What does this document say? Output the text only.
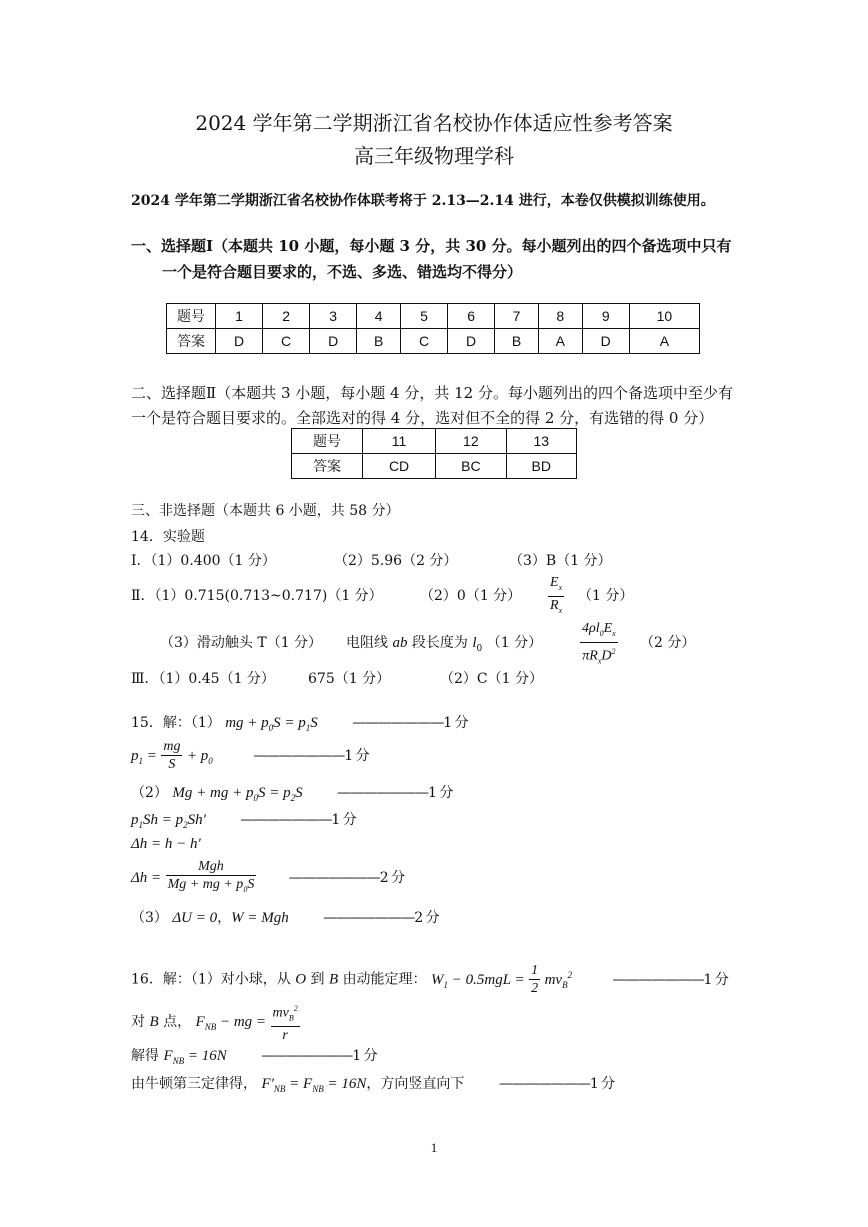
2024 学年第二学期浙江省名校协作体适应性参考答案
高三年级物理学科
2024 学年第二学期浙江省名校协作体联考将于 2.13—2.14 进行，本卷仅供模拟训练使用。
一、选择题Ⅰ（本题共 10 小题，每小题 3 分，共 30 分。每小题列出的四个备选项中只有
一个是符合题目要求的，不选、多选、错选均不得分）
题号	1	2	3	4	5	6	7	8	9	10
答案	D	C	D	B	C	D	B	A	D	A
二、选择题Ⅱ（本题共 3 小题，每小题 4 分，共 12 分。每小题列出的四个备选项中至少有
一个是符合题目要求的。全部选对的得 4 分，选对但不全的得 2 分，有选错的得 0 分）
题号	11	12	13
答案	CD	BC	BD
三、非选择题（本题共 6 小题，共 58 分）
14．实验题
Ⅰ．（1）0.400（1 分）	（2）5.96（2 分）	（3）B（1 分）
Ⅱ．（1）0.715(0.713~0.717)（1 分）	（2）0（1 分） $\frac{E_x}{R_x} (1$ 分）
（3）滑动触头 T（1 分） 电阻线 ab 段长度为 $l_0$ （1 分）	$\frac{4\rho l_0E_x}{\pi R_xD^2} (2$ 分）
Ⅲ．（1）0.45（1 分） 675（1 分）	（2）C（1 分）
15．解：（1） mg + $p_0S = p_1S$ ———————1 分
$p_1 = \frac{mg}{S} + p_0$	———————1 分
（2） Mg + mg + $p_0S = p_2S$ ———————1 分
$p_1Sh = p_2Sh'$ ———————1 分
Δh = h − h′
$\Delta h = \frac{\text{Mgh}}{Mg + mg + p_0S}$ ———————2 分
（3） ΔU = 0，W = Mgh ———————2 分
16．解：（1）对小球，从 O 到 B 由动能定理： $W_1 - 0.5mgL = \frac{1}{2} mv_B^2$	———————1 分
对 B 点， $F_{NB}$ − mg = $\frac{mv_B^2}{r}$
解得 $F_{NB} = 16N$ ———————1 分
由牛顿第三定律得， $F'_{NB} = F_{NB} = 16N$，方向竖直向下 ———————1 分
1
